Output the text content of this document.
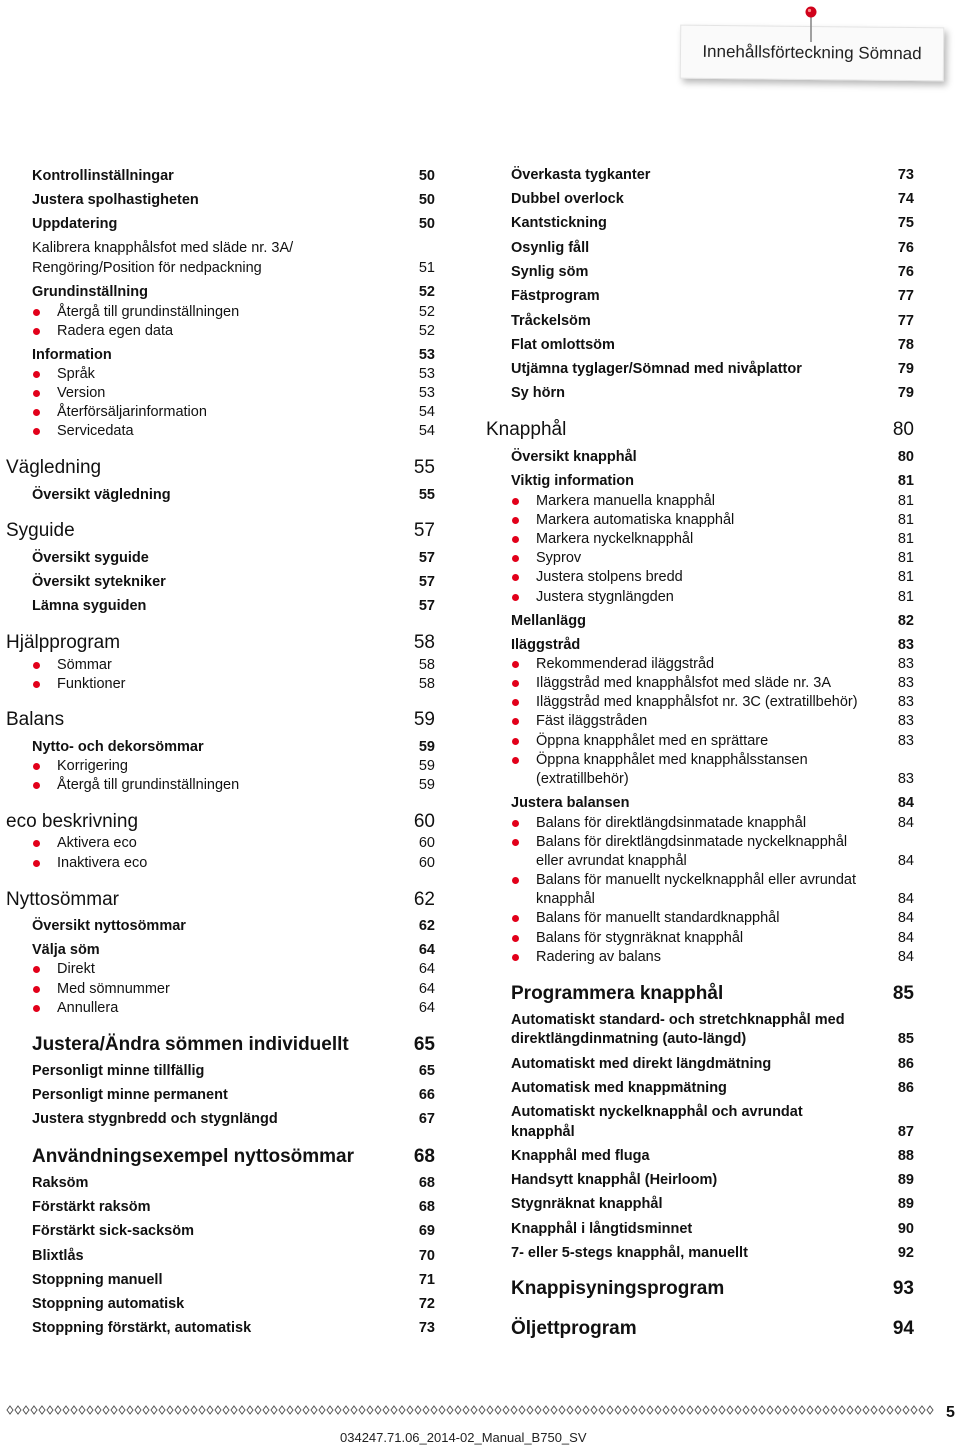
Innehållsförteckning Sömnad
Kontrollinställningar	50
Justera spolhastigheten	50
Uppdatering	50
Kalibrera knapphålsfot med släde nr. 3A/
Rengöring/Position för nedpackning	51
Grundinställning	52
Återgå till grundinställningen	52
Radera egen data	52
Information	53
Språk	53
Version	53
Återförsäljarinformation	54
Servicedata	54
Vägledning	55
Översikt vägledning	55
Syguide	57
Översikt syguide	57
Översikt sytekniker	57
Lämna syguiden	57
Hjälpprogram	58
Sömmar	58
Funktioner	58
Balans	59
Nytto- och dekorsömmar	59
Korrigering	59
Återgå till grundinställningen	59
eco beskrivning	60
Aktivera eco	60
Inaktivera eco	60
Nyttosömmar	62
Översikt nyttosömmar	62
Välja söm	64
Direkt	64
Med sömnummer	64
Annullera	64
Justera/Ändra sömmen individuellt	65
Personligt minne tillfällig	65
Personligt minne permanent	66
Justera stygnbredd och stygnlängd	67
Användningsexempel nyttosömmar	68
Raksöm	68
Förstärkt raksöm	68
Förstärkt sick-sacksöm	69
Blixtlås	70
Stoppning manuell	71
Stoppning automatisk	72
Stoppning förstärkt, automatisk	73
Överkasta tygkanter	73
Dubbel overlock	74
Kantstickning	75
Osynlig fåll	76
Synlig söm	76
Fästprogram	77
Tråckelsöm	77
Flat omlottsöm	78
Utjämna tyglager/Sömnad med nivåplattor	79
Sy hörn	79
Knapphål	80
Översikt knapphål	80
Viktig information	81
Markera manuella knapphål	81
Markera automatiska knapphål	81
Markera nyckelknapphål	81
Syprov	81
Justera stolpens bredd	81
Justera stygnlängden	81
Mellanlägg	82
Iläggstråd	83
Rekommenderad iläggstråd	83
Iläggstråd med knapphålsfot med släde nr. 3A	83
Iläggstråd med knapphålsfot nr. 3C (extratillbehör)	83
Fäst iläggstråden	83
Öppna knapphålet med en sprättare	83
Öppna knapphålet med knapphålsstansen
(extratillbehör)	83
Justera balansen	84
Balans för direktlängdsinmatade knapphål	84
Balans för direktlängdsinmatade nyckelknapphål
eller avrundat knapphål	84
Balans för manuellt nyckelknapphål eller avrundat
knapphål	84
Balans för manuellt standardknapphål	84
Balans för stygnräknat knapphål	84
Radering av balans	84
Programmera knapphål	85
Automatiskt standard- och stretchknapphål med
direktlängdinmatning (auto-längd)	85
Automatiskt med direkt längdmätning	86
Automatisk med knappmätning	86
Automatiskt nyckelknapphål och avrundat
knapphål	87
Knapphål med fluga	88
Handsytt knapphål (Heirloom)	89
Stygnräknat knapphål	89
Knapphål i långtidsminnet	90
7- eller 5-stegs knapphål, manuellt	92
Knappisyningsprogram	93
Öljettprogram	94
5
034247.71.06_2014-02_Manual_B750_SV
